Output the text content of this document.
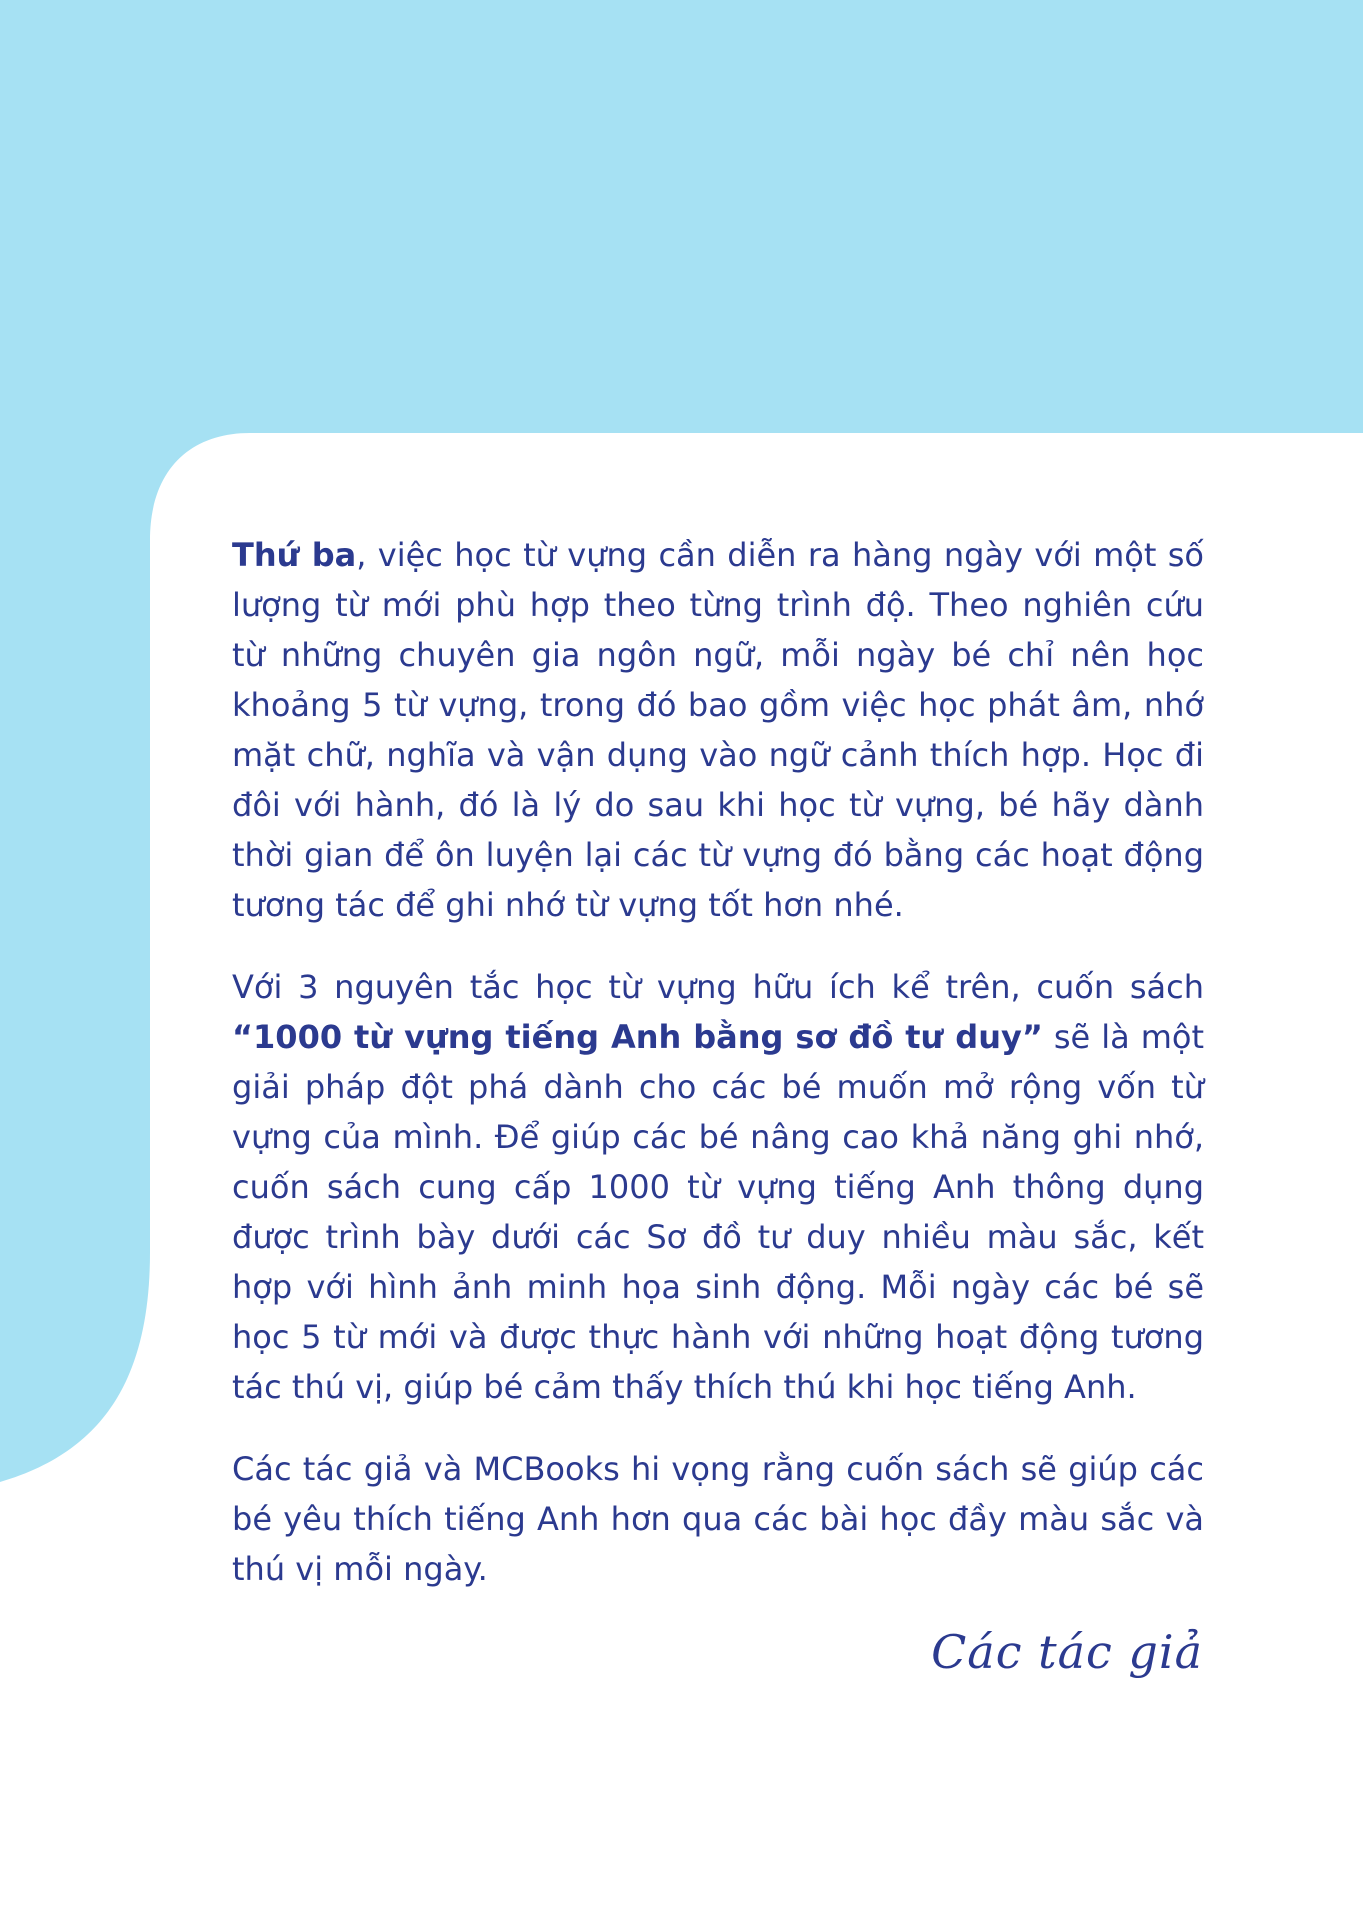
Thứ ba, việc học từ vựng cần diễn ra hàng ngày với một số lượng từ mới phù hợp theo từng trình độ. Theo nghiên cứu từ những chuyên gia ngôn ngữ, mỗi ngày bé chỉ nên học khoảng 5 từ vựng, trong đó bao gồm việc học phát âm, nhớ mặt chữ, nghĩa và vận dụng vào ngữ cảnh thích hợp. Học đi đôi với hành, đó là lý do sau khi học từ vựng, bé hãy dành thời gian để ôn luyện lại các từ vựng đó bằng các hoạt động tương tác để ghi nhớ từ vựng tốt hơn nhé.

Với 3 nguyên tắc học từ vựng hữu ích kể trên, cuốn sách “1000 từ vựng tiếng Anh bằng sơ đồ tư duy” sẽ là một giải pháp đột phá dành cho các bé muốn mở rộng vốn từ vựng của mình. Để giúp các bé nâng cao khả năng ghi nhớ, cuốn sách cung cấp 1000 từ vựng tiếng Anh thông dụng được trình bày dưới các Sơ đồ tư duy nhiều màu sắc, kết hợp với hình ảnh minh họa sinh động. Mỗi ngày các bé sẽ học 5 từ mới và được thực hành với những hoạt động tương tác thú vị, giúp bé cảm thấy thích thú khi học tiếng Anh.

Các tác giả và MCBooks hi vọng rằng cuốn sách sẽ giúp các bé yêu thích tiếng Anh hơn qua các bài học đầy màu sắc và thú vị mỗi ngày.

Các tác giả
